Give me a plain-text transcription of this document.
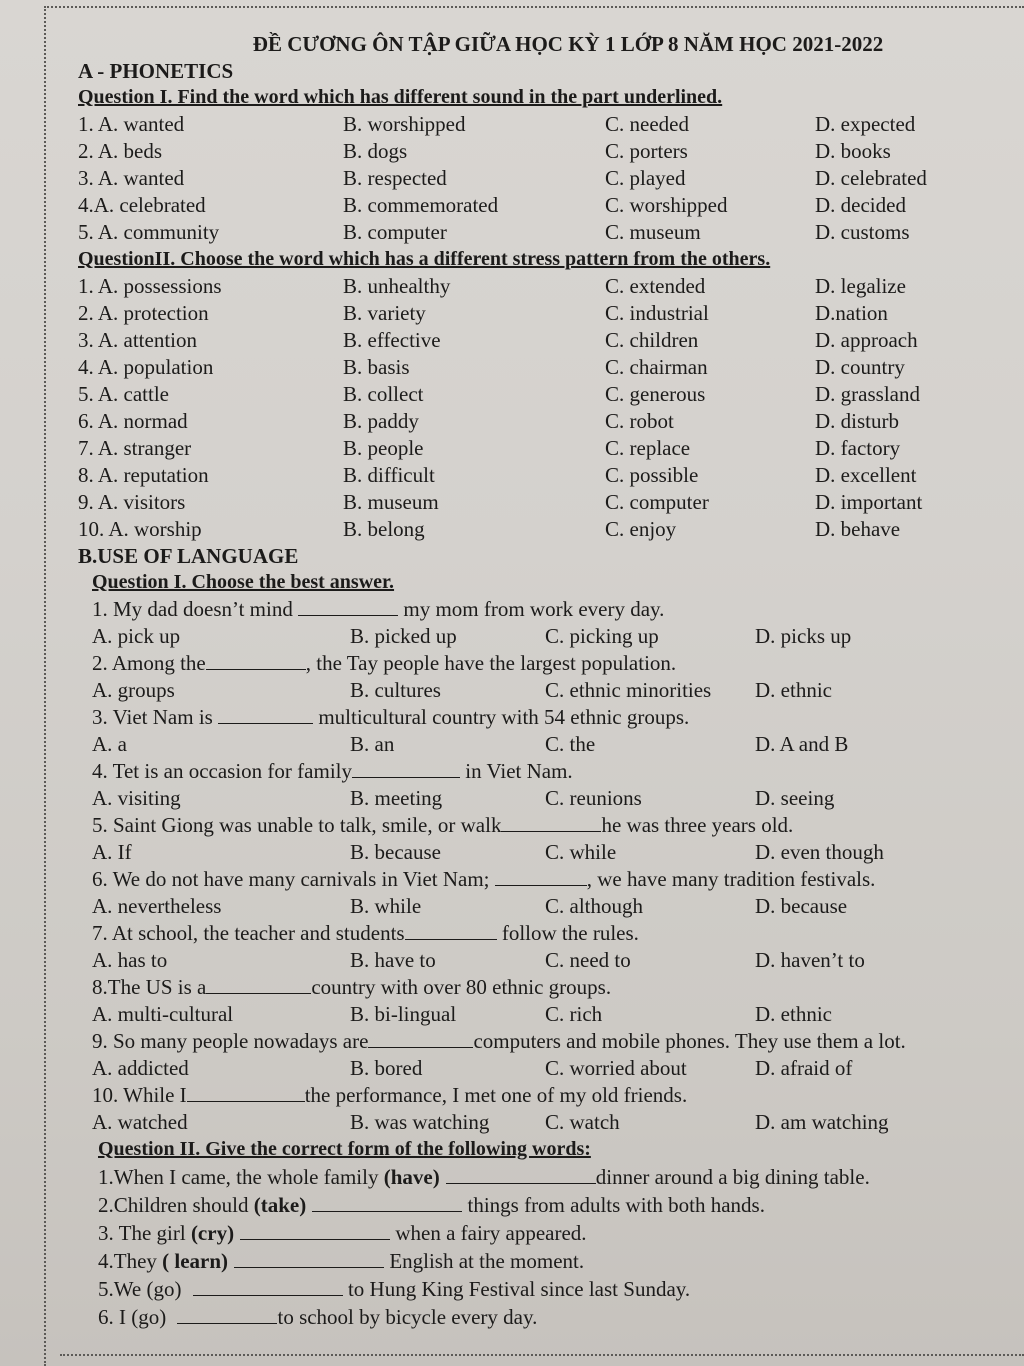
ĐỀ CƯƠNG ÔN TẬP GIỮA HỌC KỲ 1 LỚP 8 NĂM HỌC 2021-2022
A - PHONETICS
Question I. Find the word which has different sound in the part underlined.
1. A. wanted	B. worshipped	C. needed	D. expected
2. A. beds	B. dogs	C. porters	D. books
3. A. wanted	B. respected	C. played	D. celebrated
4.A. celebrated	B. commemorated	C. worshipped	D. decided
5. A. community	B. computer	C. museum	D. customs
QuestionII. Choose the word which has a different stress pattern from the others.
1. A. possessions	B. unhealthy	C. extended	D. legalize
2. A. protection	B. variety	C. industrial	D.nation
3. A. attention	B. effective	C. children	D. approach
4. A. population	B. basis	C. chairman	D. country
5. A. cattle	B. collect	C. generous	D. grassland
6. A. normad	B. paddy	C. robot	D. disturb
7. A. stranger	B. people	C. replace	D. factory
8. A. reputation	B. difficult	C. possible	D. excellent
9. A. visitors	B. museum	C. computer	D. important
10. A. worship	B. belong	C. enjoy	D. behave
B.USE OF LANGUAGE
Question I. Choose the best answer.
1. My dad doesn’t mind	my mom from work every day.
A. pick up	B. picked up	C. picking up	D. picks up
2. Among the	, the Tay people have the largest population.
A. groups	B. cultures	C. ethnic minorities	D. ethnic
3. Viet Nam is	multicultural country with 54 ethnic groups.
A. a	B. an	C. the	D. A and B
4. Tet is an occasion for family	in Viet Nam.
A. visiting	B. meeting	C. reunions	D. seeing
5. Saint Giong was unable to talk, smile, or walk	he was three years old.
A. If	B. because	C. while	D. even though
6. We do not have many carnivals in Viet Nam;	, we have many tradition festivals.
A. nevertheless	B. while	C. although	D. because
7. At school, the teacher and students	follow the rules.
A. has to	B. have to	C. need to	D. haven’t to
8.The US is a	country with over 80 ethnic groups.
A. multi-cultural	B. bi-lingual	C. rich	D. ethnic
9. So many people nowadays are	computers and mobile phones. They use them a lot.
A. addicted	B. bored	C. worried about	D. afraid of
10. While I	the performance, I met one of my old friends.
A. watched	B. was watching	C. watch	D. am watching
Question II. Give the correct form of the following words:
1.When I came, the whole family (have)	dinner around a big dining table.
2.Children should (take)	things from adults with both hands.
3. The girl (cry)	when a fairy appeared.
4.They ( learn)	English at the moment.
5.We (go)	to Hung King Festival since last Sunday.
6. I (go)	to school by bicycle every day.
